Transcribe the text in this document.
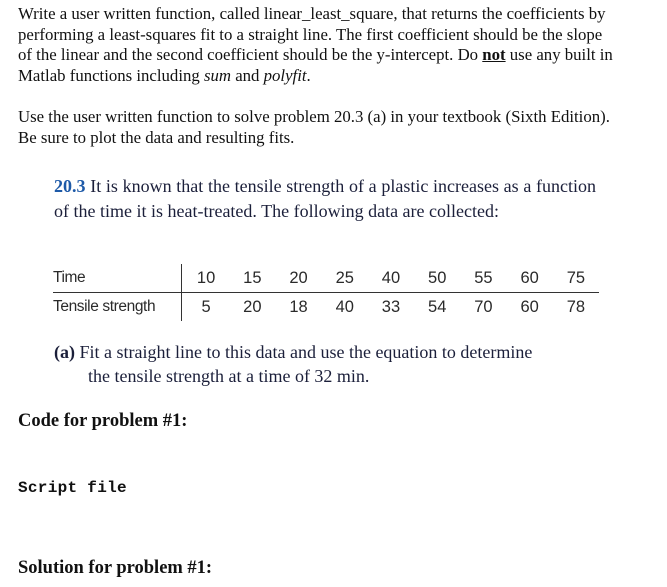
Write a user written function, called linear_least_square, that returns the coefficients by
performing a least-squares fit to a straight line. The first coefficient should be the slope
of the linear and the second coefficient should be the y-intercept. Do not use any built in
Matlab functions including sum and polyfit.

Use the user written function to solve problem 20.3 (a) in your textbook (Sixth Edition).
Be sure to plot the data and resulting fits.

20.3 It is known that the tensile strength of a plastic increases as a function of the time it is heat-treated. The following data are collected:

Time		10	15	20	25	40	50	55	60	75
Tensile strength		5	20	18	40	33	54	70	60	78

(a) Fit a straight line to this data and use the equation to determine
the tensile strength at a time of 32 min.

Code for problem #1:

Script file

Solution for problem #1:
